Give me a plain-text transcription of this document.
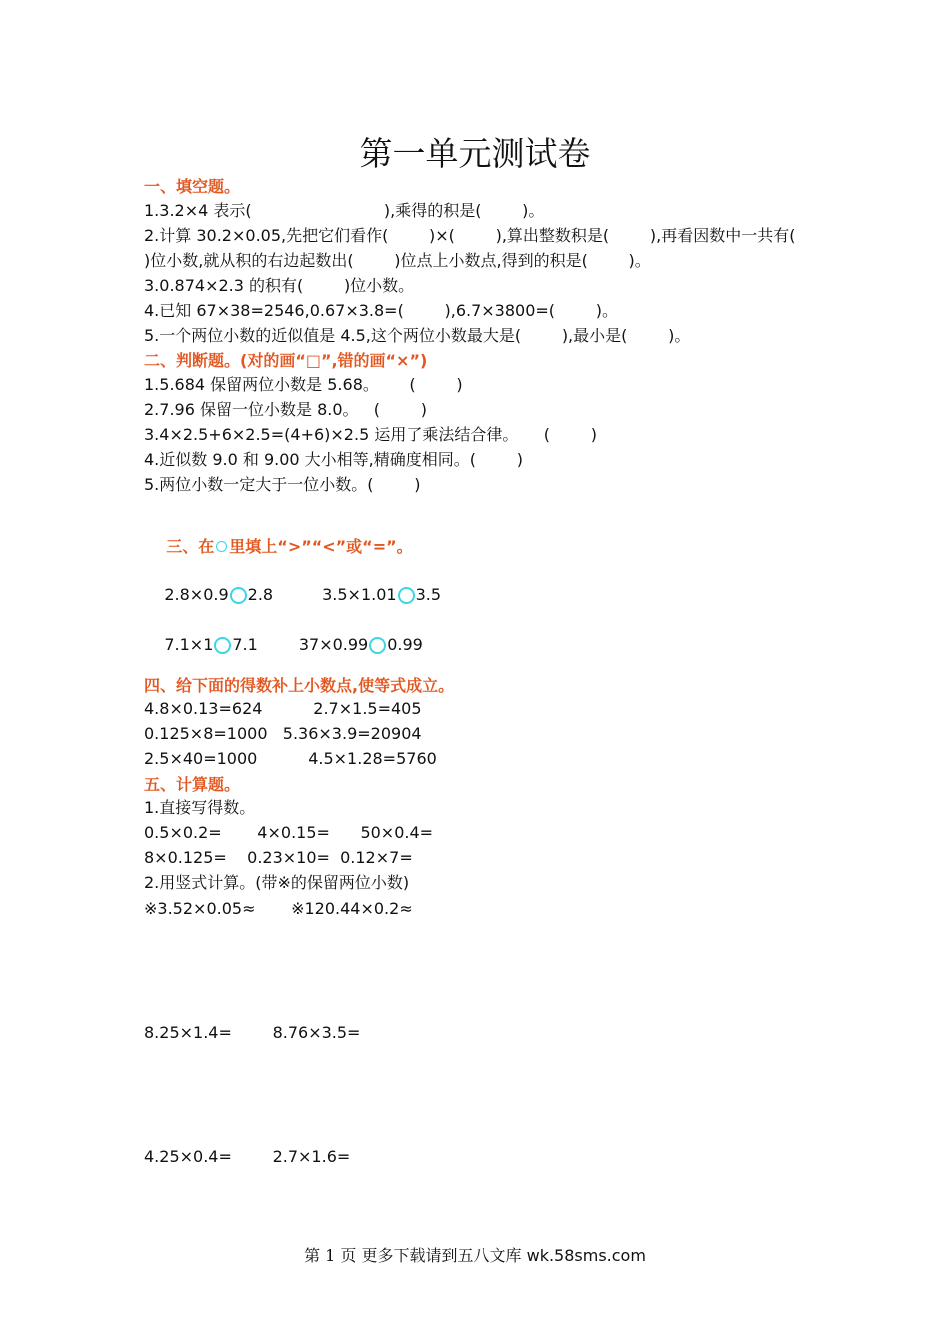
第一单元测试卷
一、填空题。
1.3.2×4 表示(                          ),乘得的积是(        )。
2.计算 30.2×0.05,先把它们看作(        )×(        ),算出整数积是(        ),再看因数中一共有(
)位小数,就从积的右边起数出(        )位点上小数点,得到的积是(        )。
3.0.874×2.3 的积有(        )位小数。
4.已知 67×38=2546,0.67×3.8=(        ),6.7×3800=(        )。
5.一个两位小数的近似值是 4.5,这个两位小数最大是(        ),最小是(        )。
二、判断题。(对的画“□”,错的画“×”)
1.5.684 保留两位小数是 5.68。      (        )
2.7.96 保留一位小数是 8.0。   (        )
3.4×2.5+6×2.5=(4+6)×2.5 运用了乘法结合律。     (        )
4.近似数 9.0 和 9.00 大小相等,精确度相同。(        )
5.两位小数一定大于一位小数。(        )

三、在 里填上“>”“<”或“=”。

2.8×0.9 2.8	3.5×1.01 3.5

7.1×1 7.1	37×0.99 0.99

四、给下面的得数补上小数点,使等式成立。
4.8×0.13=624          2.7×1.5=405
0.125×8=1000   5.36×3.9=20904
2.5×40=1000          4.5×1.28=5760
五、计算题。
1.直接写得数。
0.5×0.2=       4×0.15=      50×0.4=
8×0.125=    0.23×10=  0.12×7=
2.用竖式计算。(带※的保留两位小数)
※3.52×0.05≈       ※120.44×0.2≈
8.25×1.4=        8.76×3.5=
4.25×0.4=        2.7×1.6=
第 1 页 更多下载请到五八文库 wk.58sms.com
